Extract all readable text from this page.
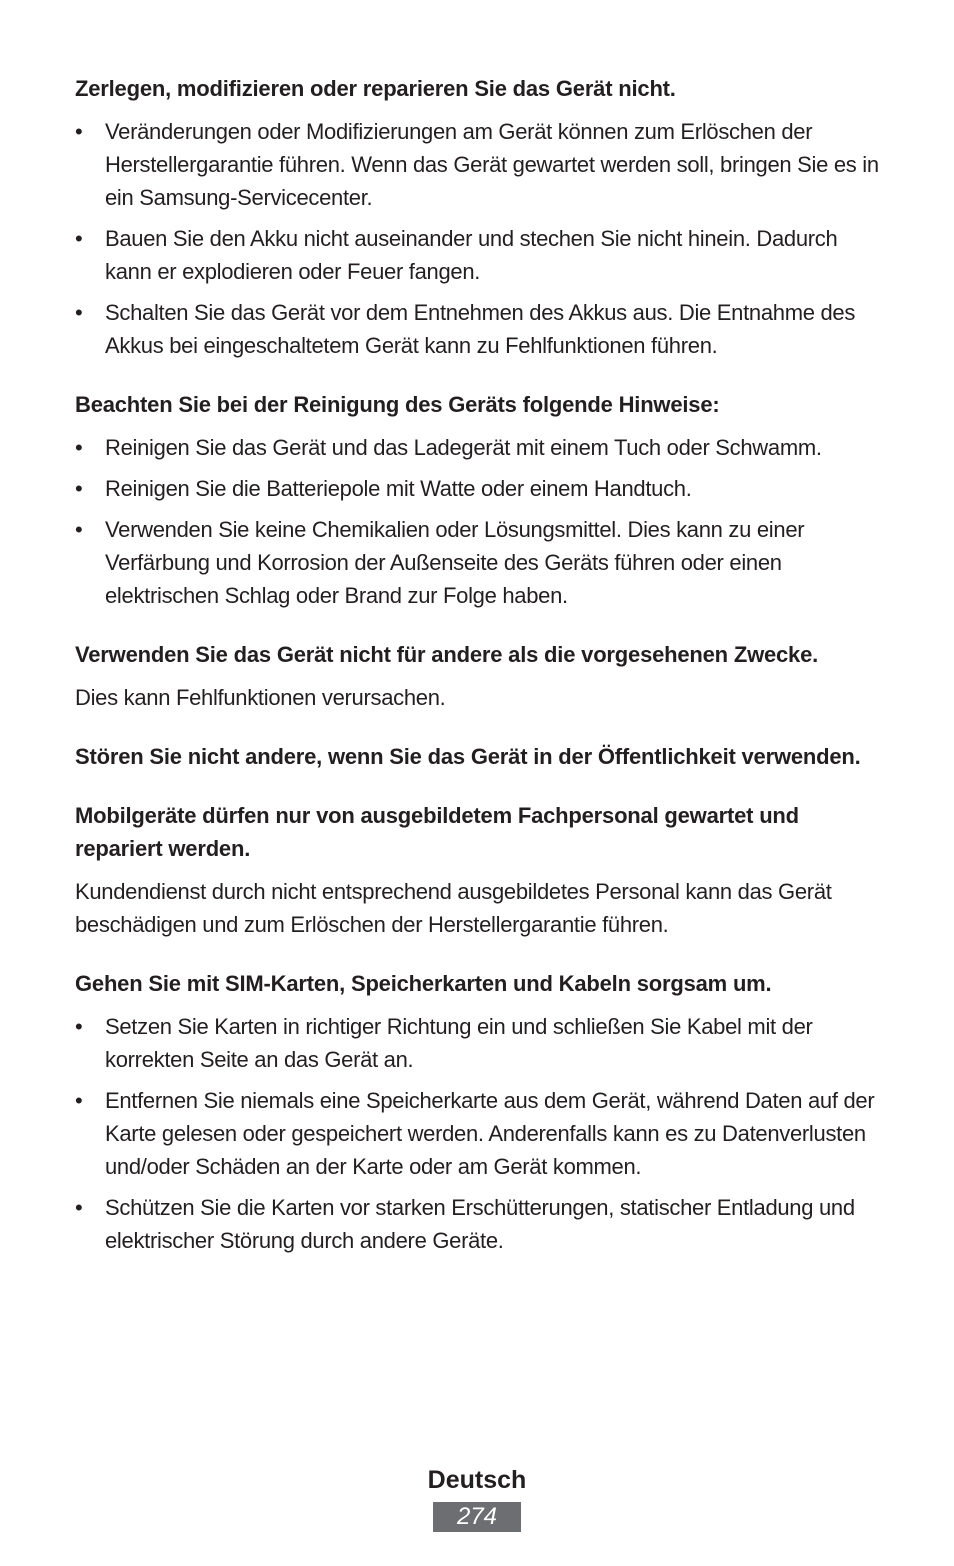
Zerlegen, modifizieren oder reparieren Sie das Gerät nicht.
• Veränderungen oder Modifizierungen am Gerät können zum Erlöschen der Herstellergarantie führen. Wenn das Gerät gewartet werden soll, bringen Sie es in ein Samsung-Servicecenter.
• Bauen Sie den Akku nicht auseinander und stechen Sie nicht hinein. Dadurch kann er explodieren oder Feuer fangen.
• Schalten Sie das Gerät vor dem Entnehmen des Akkus aus. Die Entnahme des Akkus bei eingeschaltetem Gerät kann zu Fehlfunktionen führen.
Beachten Sie bei der Reinigung des Geräts folgende Hinweise:
• Reinigen Sie das Gerät und das Ladegerät mit einem Tuch oder Schwamm.
• Reinigen Sie die Batteriepole mit Watte oder einem Handtuch.
• Verwenden Sie keine Chemikalien oder Lösungsmittel. Dies kann zu einer Verfärbung und Korrosion der Außenseite des Geräts führen oder einen elektrischen Schlag oder Brand zur Folge haben.
Verwenden Sie das Gerät nicht für andere als die vorgesehenen Zwecke.

Dies kann Fehlfunktionen verursachen.

Stören Sie nicht andere, wenn Sie das Gerät in der Öffentlichkeit verwenden.
Mobilgeräte dürfen nur von ausgebildetem Fachpersonal gewartet und repariert werden.

Kundendienst durch nicht entsprechend ausgebildetes Personal kann das Gerät beschädigen und zum Erlöschen der Herstellergarantie führen.

Gehen Sie mit SIM-Karten, Speicherkarten und Kabeln sorgsam um.
• Setzen Sie Karten in richtiger Richtung ein und schließen Sie Kabel mit der korrekten Seite an das Gerät an.
• Entfernen Sie niemals eine Speicherkarte aus dem Gerät, während Daten auf der Karte gelesen oder gespeichert werden. Anderenfalls kann es zu Datenverlusten und/oder Schäden an der Karte oder am Gerät kommen.
• Schützen Sie die Karten vor starken Erschütterungen, statischer Entladung und elektrischer Störung durch andere Geräte.
Deutsch
274
